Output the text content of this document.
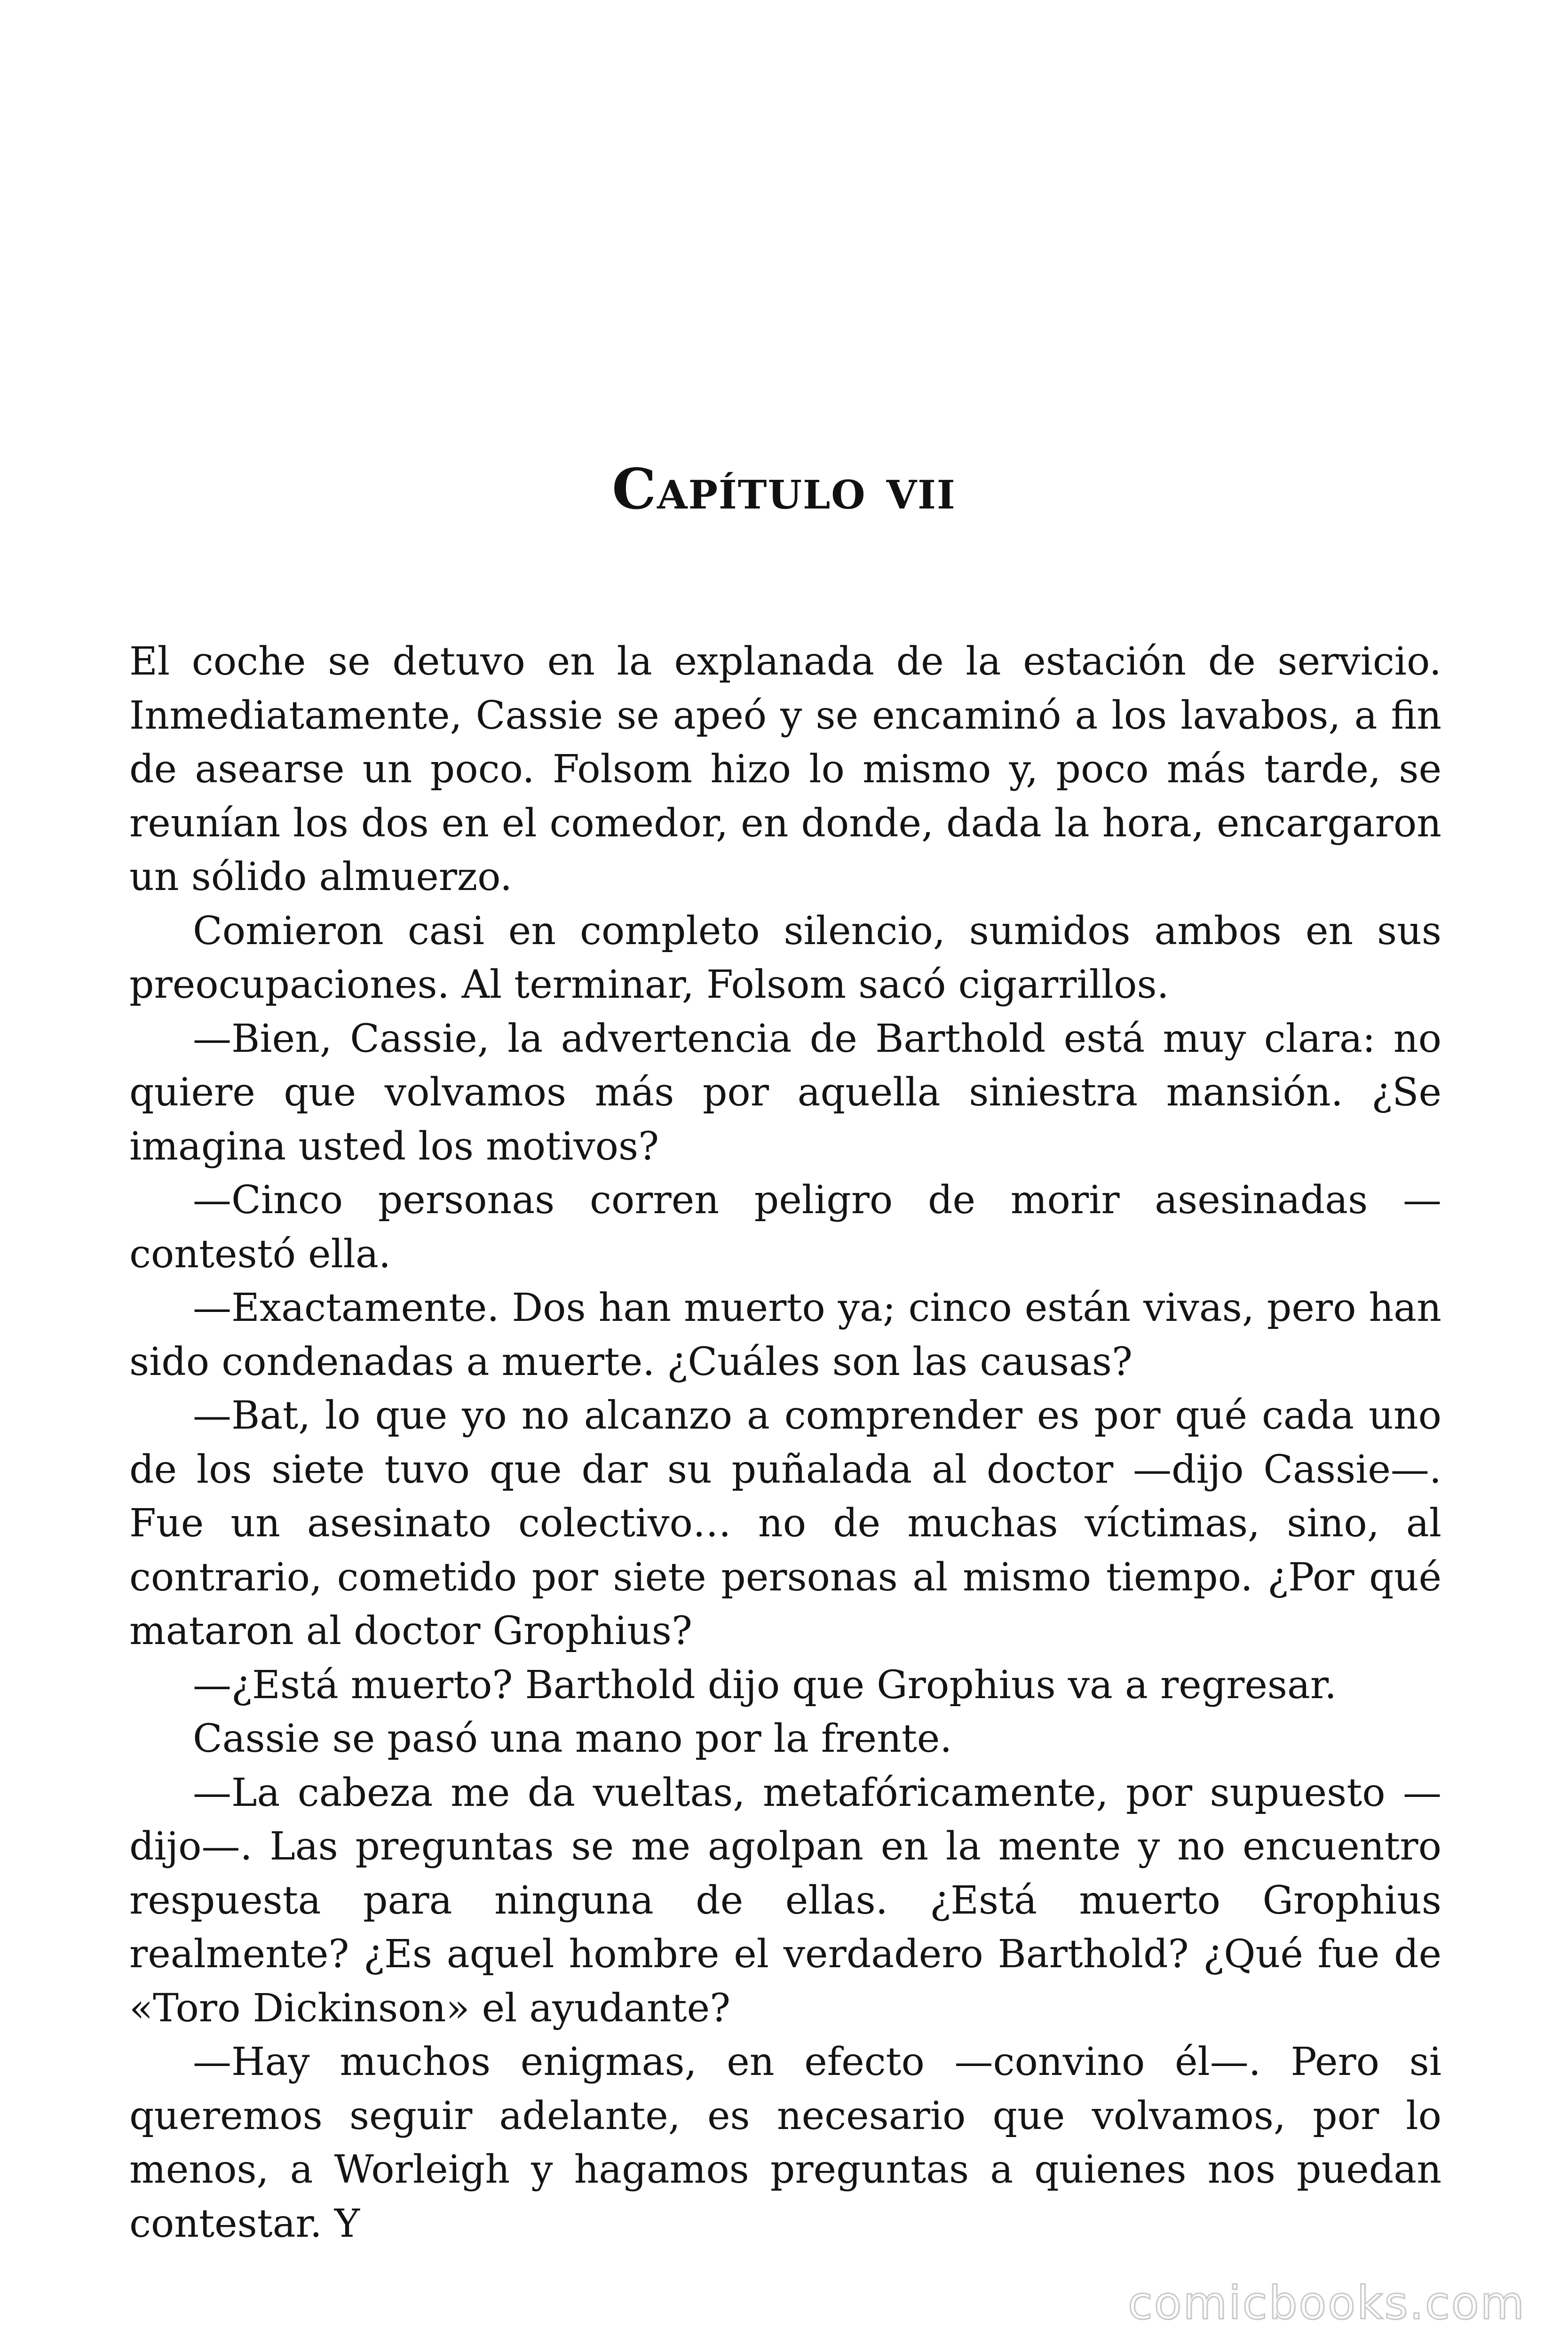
Capítulo vii

El coche se detuvo en la explanada de la estación de servicio. Inmediatamente, Cassie se apeó y se encaminó a los lavabos, a fin de asearse un poco. Folsom hizo lo mismo y, poco más tarde, se reunían los dos en el comedor, en donde, dada la hora, encargaron un sólido almuerzo.

Comieron casi en completo silencio, sumidos ambos en sus preocupaciones. Al terminar, Folsom sacó cigarrillos.

—Bien, Cassie, la advertencia de Barthold está muy clara: no quiere que volvamos más por aquella siniestra mansión. ¿Se imagina usted los motivos?

—Cinco personas corren peligro de morir asesinadas —contestó ella.

—Exactamente. Dos han muerto ya; cinco están vivas, pero han sido condenadas a muerte. ¿Cuáles son las causas?

—Bat, lo que yo no alcanzo a comprender es por qué cada uno de los siete tuvo que dar su puñalada al doctor —dijo Cassie—. Fue un asesinato colectivo… no de muchas víctimas, sino, al contrario, cometido por siete personas al mismo tiempo. ¿Por qué mataron al doctor Grophius?

—¿Está muerto? Barthold dijo que Grophius va a regresar.

Cassie se pasó una mano por la frente.

—La cabeza me da vueltas, metafóricamente, por supuesto —dijo—. Las preguntas se me agolpan en la mente y no encuentro respuesta para ninguna de ellas. ¿Está muerto Grophius realmente? ¿Es aquel hombre el verdadero Barthold? ¿Qué fue de «Toro Dickinson» el ayudante?

—Hay muchos enigmas, en efecto —convino él—. Pero si queremos seguir adelante, es necesario que volvamos, por lo menos, a Worleigh y hagamos preguntas a quienes nos puedan contestar. Y

comicbooks.com
